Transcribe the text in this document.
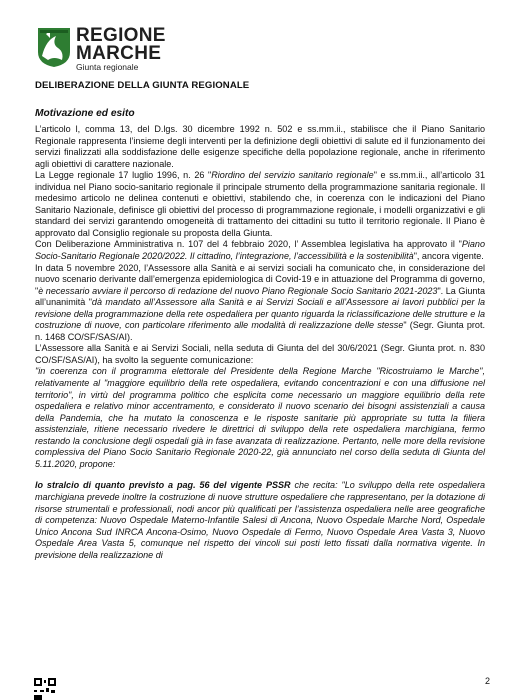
REGIONE
MARCHE
Giunta regionale
DELIBERAZIONE DELLA GIUNTA REGIONALE
Motivazione ed esito

L’articolo l, comma 13, del D.lgs. 30 dicembre 1992 n. 502 e ss.mm.ii., stabilisce che il Piano Sanitario Regionale rappresenta l’insieme degli interventi per la definizione degli obiettivi di salute ed il funzionamento dei servizi finalizzati alla soddisfazione delle esigenze specifiche della popolazione regionale, anche in riferimento agli obiettivi di carattere nazionale.

La Legge regionale 17 luglio 1996, n. 26 "Riordino del servizio sanitario regionale" e ss.mm.ii., all’articolo 31 individua nel Piano socio-sanitario regionale il principale strumento della programmazione sanitaria regionale. Il medesimo articolo ne delinea contenuti e obiettivi, stabilendo che, in coerenza con le indicazioni del Piano Sanitario Nazionale, definisce gli obiettivi del processo di programmazione regionale, i modelli organizzativi e gli standard dei servizi garantendo omogeneità di trattamento dei cittadini su tutto il territorio regionale. Il Piano è approvato dal Consiglio regionale su proposta della Giunta.

Con Deliberazione Amministrativa n. 107 del 4 febbraio 2020, l’ Assemblea legislativa ha approvato il "Piano Socio-Sanitario Regionale 2020/2022. Il cittadino, l’integrazione, l’accessibilità e la sostenibilità", ancora vigente.

In data 5 novembre 2020, l’Assessore alla Sanità e ai servizi sociali ha comunicato che, in considerazione del nuovo scenario derivante dall’emergenza epidemiologica di Covid-19 e in attuazione del Programma di governo, "è necessario avviare il percorso di redazione del nuovo Piano Regionale Socio Sanitario 2021-2023". La Giunta all’unanimità "dà mandato all’Assessore alla Sanità e ai Servizi Sociali e all’Assessore ai lavori pubblici per la revisione della programmazione della rete ospedaliera per quanto riguarda la riclassificazione delle strutture e la costruzione di nuove, con particolare riferimento alle modalità di realizzazione delle stesse" (Segr. Giunta prot. n. 1468 CO/SF/SAS/AI).

L’Assessore alla Sanità e ai Servizi Sociali, nella seduta di Giunta del del 30/6/2021 (Segr. Giunta prot. n. 830 CO/SF/SAS/AI), ha svolto la seguente comunicazione:

"in coerenza con il programma elettorale del Presidente della Regione Marche "Ricostruiamo le Marche", relativamente al "maggiore equilibrio della rete ospedaliera, evitando concentrazioni e con una diffusione nel territorio", in virtù del programma politico che esplicita come necessario un maggiore equilibrio della rete ospedaliera e relativo minor accentramento, e considerato il nuovo scenario dei bisogni assistenziali a causa della Pandemia, che ha mutato la conoscenza e le risposte sanitarie più appropriate su tutta la filiera assistenziale, ritiene necessario rivedere le direttrici di sviluppo della rete ospedaliera marchigiana, fermo restando la conclusione degli ospedali già in fase avanzata di realizzazione. Pertanto, nelle more della revisione complessiva del Piano Socio Sanitario Regionale 2020-22, già annunciato nel corso della seduta di Giunta del 5.11.2020, propone:

lo stralcio di quanto previsto a pag. 56 del vigente PSSR che recita: "Lo sviluppo della rete ospedaliera marchigiana prevede inoltre la costruzione di nuove strutture ospedaliere che rappresentano, per la dotazione di risorse strumentali e professionali, nodi ancor più qualificati per l’assistenza ospedaliera nelle aree geografiche di competenza: Nuovo Ospedale Materno-Infantile Salesi di Ancona, Nuovo Ospedale Marche Nord, Ospedale Unico Ancona Sud INRCA Ancona-Osimo, Nuovo Ospedale di Fermo, Nuovo Ospedale Area Vasta 3, Nuovo Ospedale Area Vasta 5, comunque nel rispetto dei vincoli sui posti letto fissati dalla normativa vigente. In previsione della realizzazione di

2
